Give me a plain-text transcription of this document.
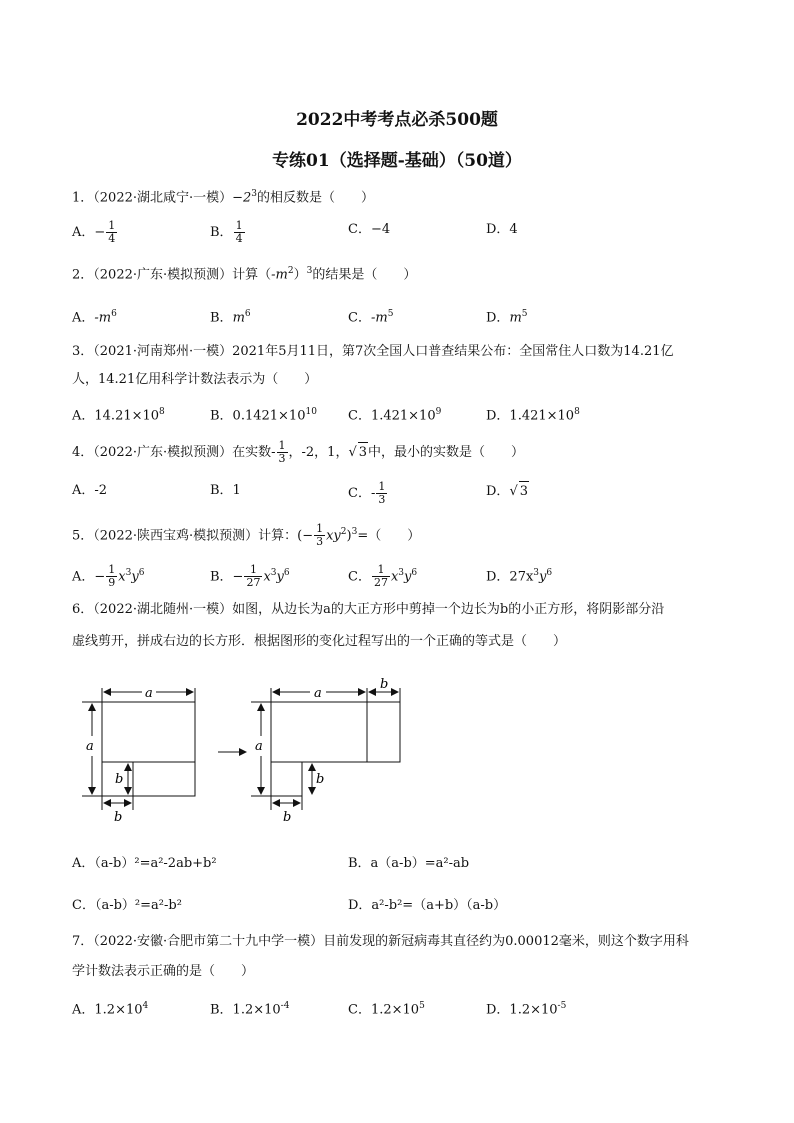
2022中考考点必杀500题
专练01（选择题-基础）（50道）
1．（2022·湖北咸宁·一模）$-2^3$的相反数是（　　）
A．− $\frac{1}{4}$	B． $\frac{1}{4}$	C．−4	D．4
2．（2022·广东·模拟预测）计算$(-m^2)^3$的结果是（　　）
A．$-m^6$	B．$m^6$	C．$-m^5$	D．$m^5$
3．（2021·河南郑州·一模）2021年5月11日，第7次全国人口普查结果公布：全国常住人口数为14.21亿
人，14.21亿用科学计数法表示为（　　）
A．$14.21\times 10^8$	B．$0.1421\times 10^{10}$ C．$1.421\times 10^9$	D．$1.421\times 10^8$
4．（2022·广东·模拟预测）在实数- $\frac{1}{3}$ ，-2，1，√ 3中，最小的实数是（　　）
A．-2	B．1	C．- $\frac{1}{3}$	D．√ 3
5．（2022·陕西宝鸡·模拟预测）计算：(− $\frac{1}{3} xy^2)^3=$（　　）
A．− $\frac{1}{9} x^3y^6$	B．− $\frac{1}{27} x^3y^6$	C． $\frac{1}{27} x^3y^6$	D．$27x^3y^6$
6．（2022·湖北随州·一模）如图，从边长为a的大正方形中剪掉一个边长为b的小正方形，将阴影部分沿
虚线剪开，拼成右边的长方形．根据图形的变化过程写出的一个正确的等式是（　　）
a
a
b
b
a
b
a
b
b
A．（a-b）²=a²-2ab+b²	B．a（a-b）=a²-ab
C．（a-b）²=a²-b²	D．a²-b²=（a+b）（a-b）
7．（2022·安徽·合肥市第二十九中学一模）目前发现的新冠病毒其直径约为0.00012毫米，则这个数字用科
学计数法表示正确的是（　　）
A．$1.2\times 10^4$	B．$1.2\times 10^{-4}$	C．$1.2\times 10^5$	D．$1.2\times 10^{-5}$
